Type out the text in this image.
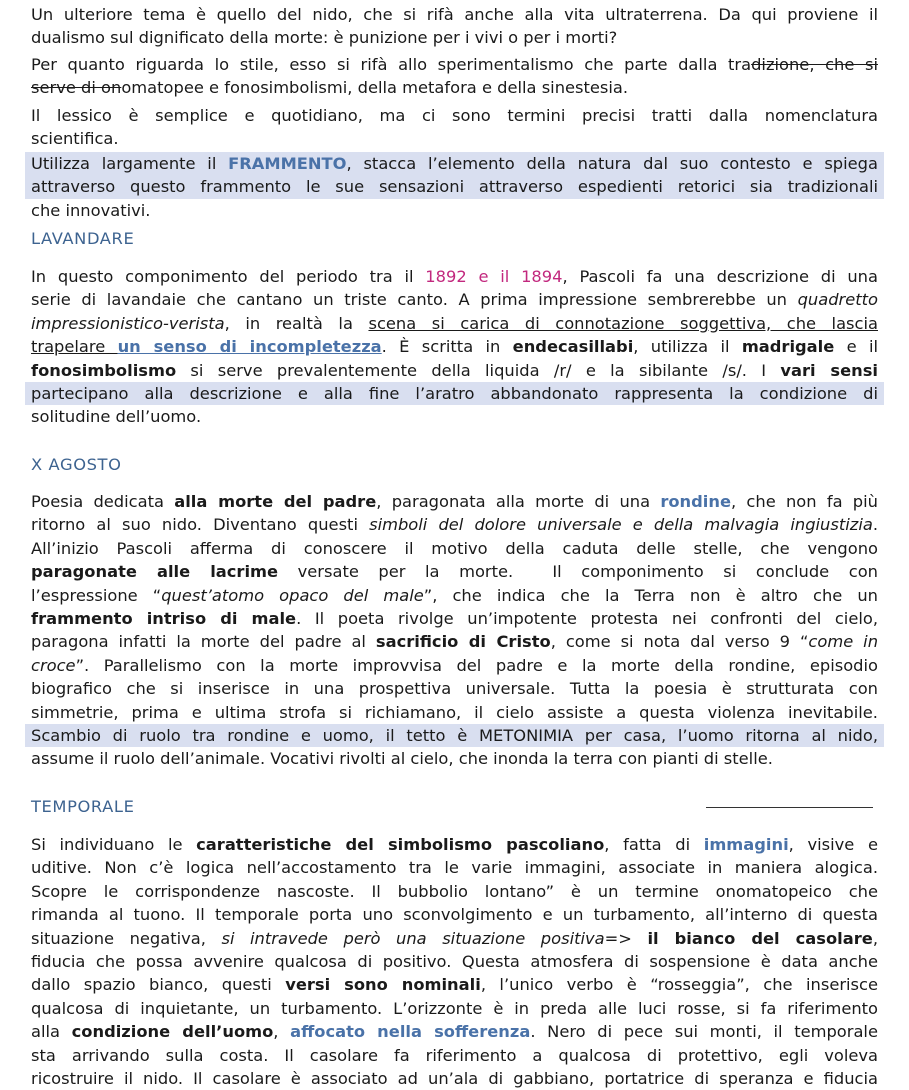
Un ulteriore tema è quello del nido, che si rifà anche alla vita ultraterrena. Da qui proviene il
dualismo sul dignificato della morte: è punizione per i vivi o per i morti?
Per quanto riguarda lo stile, esso si rifà allo sperimentalismo che parte dalla tradizione, che si
serve di onomatopee e fonosimbolismi, della metafora e della sinestesia.
Il lessico è semplice e quotidiano, ma ci sono termini precisi tratti dalla nomenclatura
scientifica.
Utilizza largamente il FRAMMENTO, stacca l’elemento della natura dal suo contesto e spiega
attraverso questo frammento le sue sensazioni attraverso espedienti retorici sia tradizionali
che innovativi.
LAVANDARE
In questo componimento del periodo tra il 1892 e il 1894, Pascoli fa una descrizione di una
serie di lavandaie che cantano un triste canto. A prima impressione sembrerebbe un quadretto
impressionistico-verista, in realtà la scena si carica di connotazione soggettiva, che lascia
trapelare un senso di incompletezza. È scritta in endecasillabi, utilizza il madrigale e il
fonosimbolismo si serve prevalentemente della liquida /r/ e la sibilante /s/. I vari sensi
partecipano alla descrizione e alla fine l’aratro abbandonato rappresenta la condizione di
solitudine dell’uomo.
X AGOSTO
Poesia dedicata alla morte del padre, paragonata alla morte di una rondine, che non fa più
ritorno al suo nido. Diventano questi simboli del dolore universale e della malvagia ingiustizia.
All’inizio Pascoli afferma di conoscere il motivo della caduta delle stelle, che vengono
paragonate alle lacrime versate per la morte.  Il componimento si conclude con
l’espressione “quest’atomo opaco del male”, che indica che la Terra non è altro che un
frammento intriso di male. Il poeta rivolge un’impotente protesta nei confronti del cielo,
paragona infatti la morte del padre al sacrificio di Cristo, come si nota dal verso 9 “come in
croce”. Parallelismo con la morte improvvisa del padre e la morte della rondine, episodio
biografico che si inserisce in una prospettiva universale. Tutta la poesia è strutturata con
simmetrie, prima e ultima strofa si richiamano, il cielo assiste a questa violenza inevitabile.
Scambio di ruolo tra rondine e uomo, il tetto è METONIMIA per casa, l’uomo ritorna al nido,
assume il ruolo dell’animale. Vocativi rivolti al cielo, che inonda la terra con pianti di stelle.
TEMPORALE
Si individuano le caratteristiche del simbolismo pascoliano, fatta di immagini, visive e
uditive. Non c’è logica nell’accostamento tra le varie immagini, associate in maniera alogica.
Scopre le corrispondenze nascoste. Il bubbolio lontano” è un termine onomatopeico che
rimanda al tuono. Il temporale porta uno sconvolgimento e un turbamento, all’interno di questa
situazione negativa, si intravede però una situazione positiva=> il bianco del casolare,
fiducia che possa avvenire qualcosa di positivo. Questa atmosfera di sospensione è data anche
dallo spazio bianco, questi versi sono nominali, l’unico verbo è “rosseggia”, che inserisce
qualcosa di inquietante, un turbamento. L’orizzonte è in preda alle luci rosse, si fa riferimento
alla condizione dell’uomo, affocato nella sofferenza. Nero di pece sui monti, il temporale
sta arrivando sulla costa. Il casolare fa riferimento a qualcosa di protettivo, egli voleva
ricostruire il nido. Il casolare è associato ad un’ala di gabbiano, portatrice di speranza e fiducia
